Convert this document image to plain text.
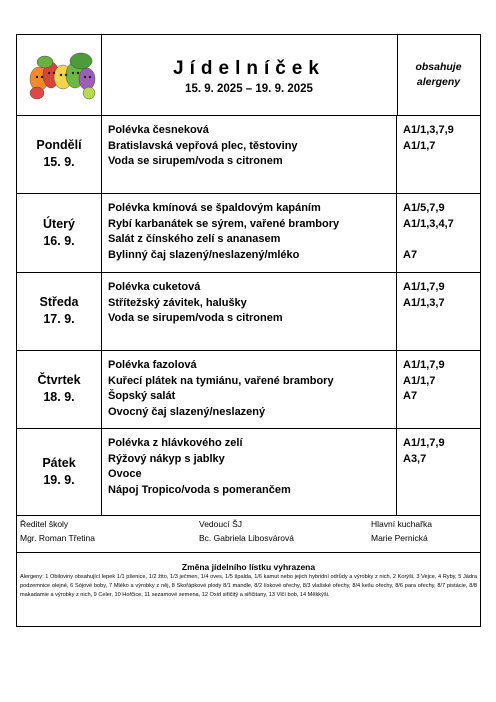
Jídelníček
15. 9. 2025 – 19. 9. 2025
obsahuje
alergeny
Pondělí
15. 9.
Polévka česneková
Bratislavská vepřová plec, těstoviny
Voda se sirupem/voda s citronem
A1/1,3,7,9
A1/1,7
Úterý
16. 9.
Polévka kmínová se špaldovým kapáním
Rybí karbanátek se sýrem, vařené brambory
Salát z čínského zelí s ananasem
Bylinný čaj slazený/neslazený/mléko
A1/5,7,9
A1/1,3,4,7
A7
Středa
17. 9.
Polévka cuketová
Střítežský závitek, halušky
Voda se sirupem/voda s citronem
A1/1,7,9
A1/1,3,7
Čtvrtek
18. 9.
Polévka fazolová
Kuřecí plátek na tymiánu, vařené brambory
Šopský salát
Ovocný čaj slazený/neslazený
A1/1,7,9
A1/1,7
A7
Pátek
19. 9.
Polévka z hlávkového zelí
Rýžový nákyp s jablky
Ovoce
Nápoj Tropico/voda s pomerančem
A1/1,7,9
A3,7
Ředitel školy
Mgr. Roman Třetina
Vedoucí ŠJ
Bc. Gabriela Libosvárová
Hlavní kuchařka
Marie Pernická
Změna jídelního lístku vyhrazena
Alergeny: 1 Obiloviny obsahující lepek 1/1 pšenice, 1/2 žito, 1/3 ječmen, 1/4 oves, 1/5 špalda, 1/6 kamut nebo jejich hybridní odrůdy a výrobky z nich, 2 Korýši, 3 Vejce, 4 Ryby, 5 Jádra podzemnice olejné, 6 Sójové boby, 7 Mléko a výrobky z něj, 8 Skořápkové plody 8/1 mandle, 8/2 lískové ořechy, 8/3 vlašské ořechy, 8/4 kešu ořechy, 8/6 para ořechy, 8/7 pistácie, 8/8 makadamie a výrobky z nich, 9 Celer, 10 Hořčice, 11 sezamové semena, 12 Oxid siřičitý a siřičitany, 13 Vlčí bob, 14 Měkkýši.
